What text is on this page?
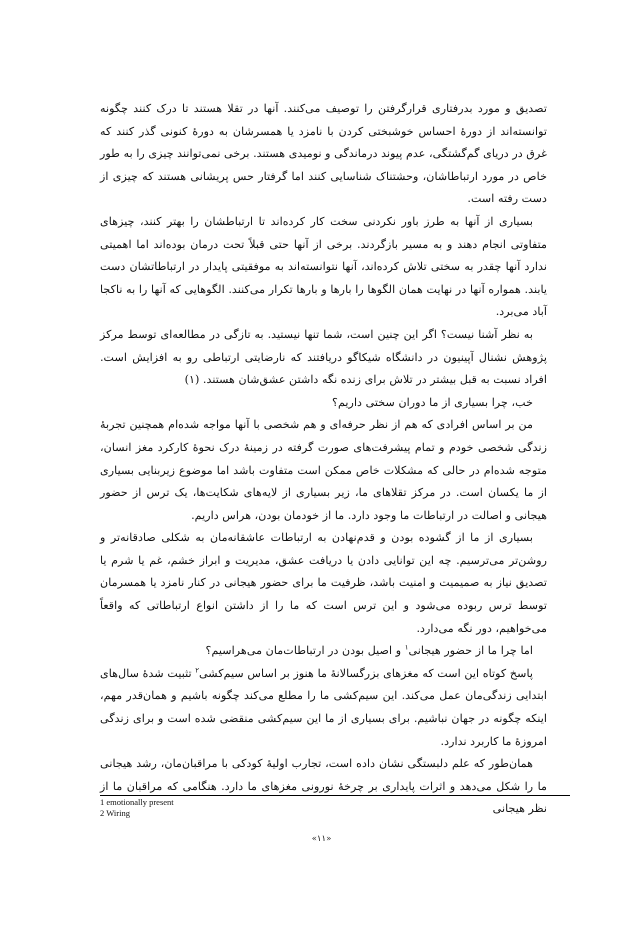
تصدیق و مورد بدرفتاری قرارگرفتن را توصیف می‌کنند. آنها در تقلا هستند تا درک کنند چگونه توانسته‌اند از دورهٔ احساس خوشبختی کردن با نامزد یا همسرشان به دورهٔ کنونی گذر کنند که غرق در دریای گم‌گشتگی، عدم پیوند درماندگی و نومیدی هستند. برخی نمی‌توانند چیزی را به طور خاص در مورد ارتباطاشان، وحشتناک شناسایی کنند اما گرفتار حس پریشانی هستند که چیزی از دست رفته است.

بسیاری از آنها به طرز باور نکردنی سخت کار کرده‌اند تا ارتباطشان را بهتر کنند، چیزهای متفاوتی انجام دهند و به مسیر بازگردند. برخی از آنها حتی قبلاً تحت درمان بوده‌اند اما اهمیتی ندارد آنها چقدر به سختی تلاش کرده‌اند، آنها نتوانسته‌اند به موفقیتی پایدار در ارتباطاتشان دست یابند. همواره آنها در نهایت همان الگوها را بارها و بارها تکرار می‌کنند. الگوهایی که آنها را به ناکجا آباد می‌برد.

به نظر آشنا نیست؟ اگر این چنین است، شما تنها نیستید. به تازگی در مطالعه‌ای توسط مرکز پژوهش نشنال آپینیون در دانشگاه شیکاگو دریافتند که نارضایتی ارتباطی رو به افزایش است. افراد نسبت به قبل بیشتر در تلاش برای زنده نگه داشتن عشق‌شان هستند. (۱)

خب، چرا بسیاری از ما دوران سختی داریم؟

من بر اساس افرادی که هم از نظر حرفه‌ای و هم شخصی با آنها مواجه شده‌ام همچنین تجربهٔ زندگی شخصی خودم و تمام پیشرفت‌های صورت گرفته در زمینهٔ درک نحوهٔ کارکرد مغز انسان، متوجه شده‌ام در حالی که مشکلات خاص ممکن است متفاوت باشد اما موضوع زیربنایی بسیاری از ما یکسان است. در مرکز تقلاهای ما، زیر بسیاری از لایه‌های شکایت‌ها، یک ترس از حضور هیجانی و اصالت در ارتباطات ما وجود دارد. ما از خودمان بودن، هراس داریم.

بسیاری از ما از گشوده بودن و قدم‌نهادن به ارتباطات عاشقانه‌مان به شکلی صادقانه‌تر و روشن‌تر می‌ترسیم. چه این توانایی دادن یا دریافت عشق، مدیریت و ابراز خشم، غم یا شرم یا تصدیق نیاز به صمیمیت و امنیت باشد، ظرفیت ما برای حضور هیجانی در کنار نامزد یا همسرمان توسط ترس ربوده می‌شود و این ترس است که ما را از داشتن انواع ارتباطاتی که واقعاً می‌خواهیم، دور نگه می‌دارد.

اما چرا ما از حضور هیجانی$^۱$ و اصیل بودن در ارتباطات‌مان می‌هراسیم؟

پاسخ کوتاه این است که مغزهای بزرگسالانهٔ ما هنوز بر اساس سیم‌کشی$^۲$ تثبیت شدهٔ سال‌های ابتدایی زندگی‌مان عمل می‌کند. این سیم‌کشی ما را مطلع می‌کند چگونه باشیم و همان‌قدر مهم، اینکه چگونه در جهان نباشیم. برای بسیاری از ما این سیم‌کشی منقضی شده است و برای زندگی امروزهٔ ما کاربرد ندارد.

همان‌طور که علم دلبستگی نشان داده است، تجارب اولیهٔ کودکی با مراقبان‌مان، رشد هیجانی ما را شکل می‌دهد و اثرات پایداری بر چرخهٔ نورونی مغزهای ما دارد. هنگامی که مراقبان ما از نظر هیجانی

1 emotionally present
2 Wiring
«۱۱»
